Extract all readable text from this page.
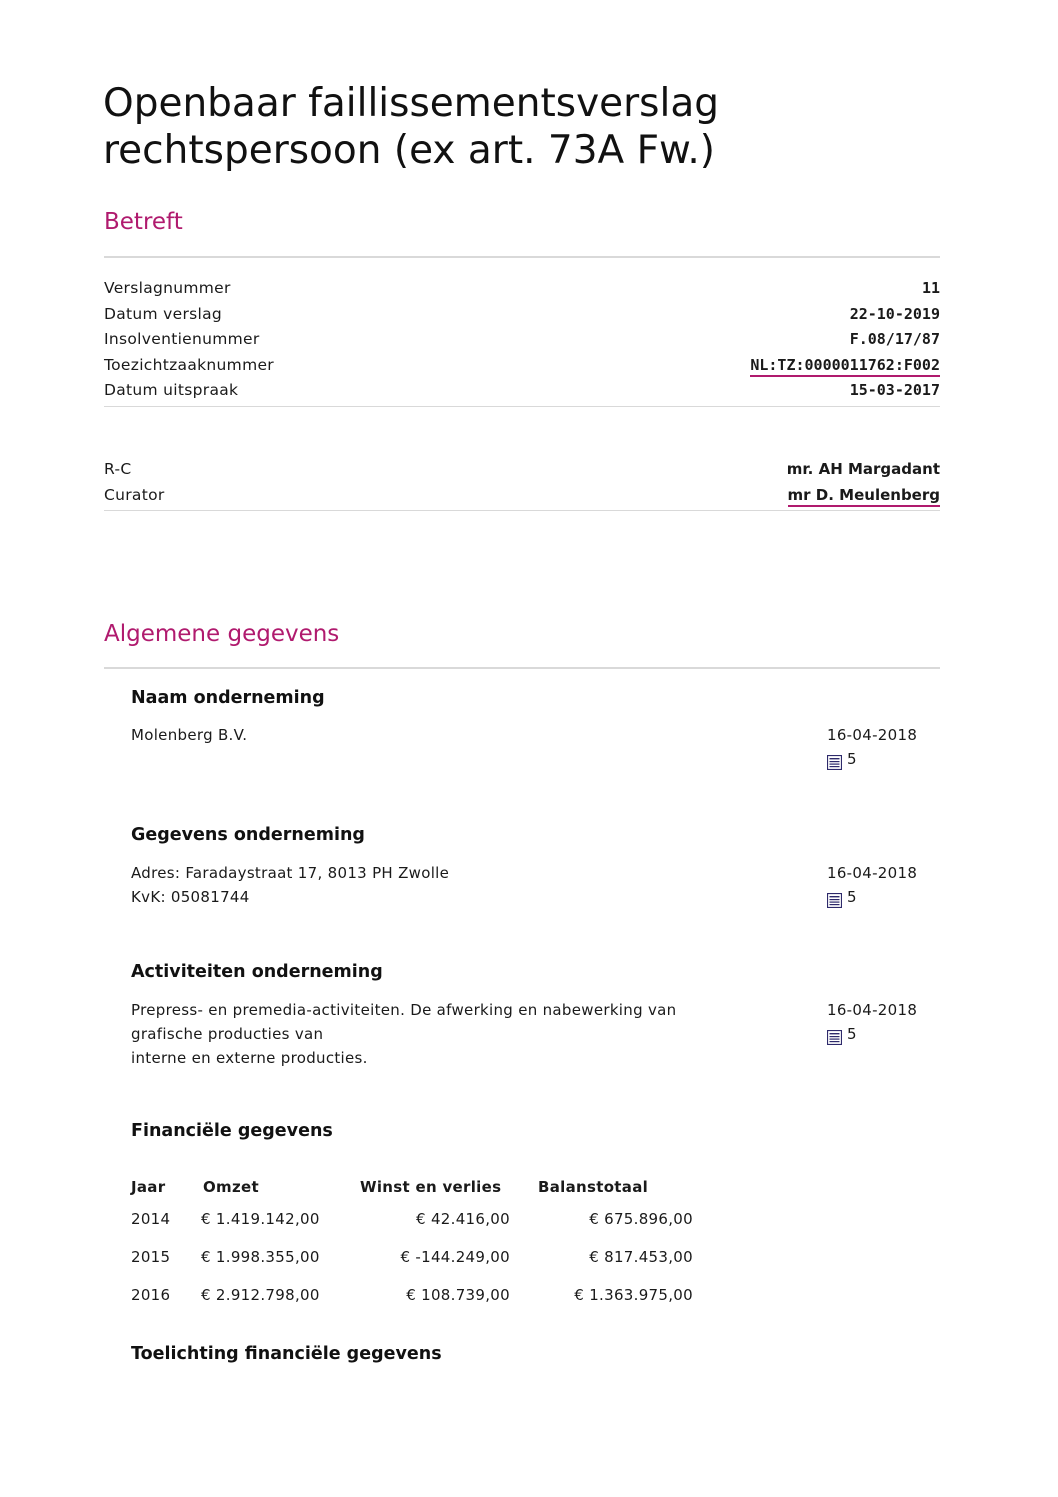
Openbaar faillissementsverslag
rechtspersoon (ex art. 73A Fw.)
Betreft
Verslagnummer	11
Datum verslag	22-10-2019
Insolventienummer	F.08/17/87
Toezichtzaaknummer	NL:TZ:0000011762:F002
Datum uitspraak	15-03-2017
R-C	mr. AH Margadant
Curator	mr D. Meulenberg
Algemene gegevens
Naam onderneming
Molenberg B.V.	16-04-2018
5
Gegevens onderneming
Adres: Faradaystraat 17, 8013 PH Zwolle
KvK: 05081744
16-04-2018
5
Activiteiten onderneming
Prepress- en premedia-activiteiten. De afwerking en nabewerking van
grafische producties van
interne en externe producties.
16-04-2018
5
Financiële gegevens
Jaar	Omzet	Winst en verlies	Balanstotaal
2014	€ 1.419.142,00	€ 42.416,00	€ 675.896,00
2015	€ 1.998.355,00	€ -144.249,00	€ 817.453,00
2016	€ 2.912.798,00	€ 108.739,00	€ 1.363.975,00
Toelichting financiële gegevens
